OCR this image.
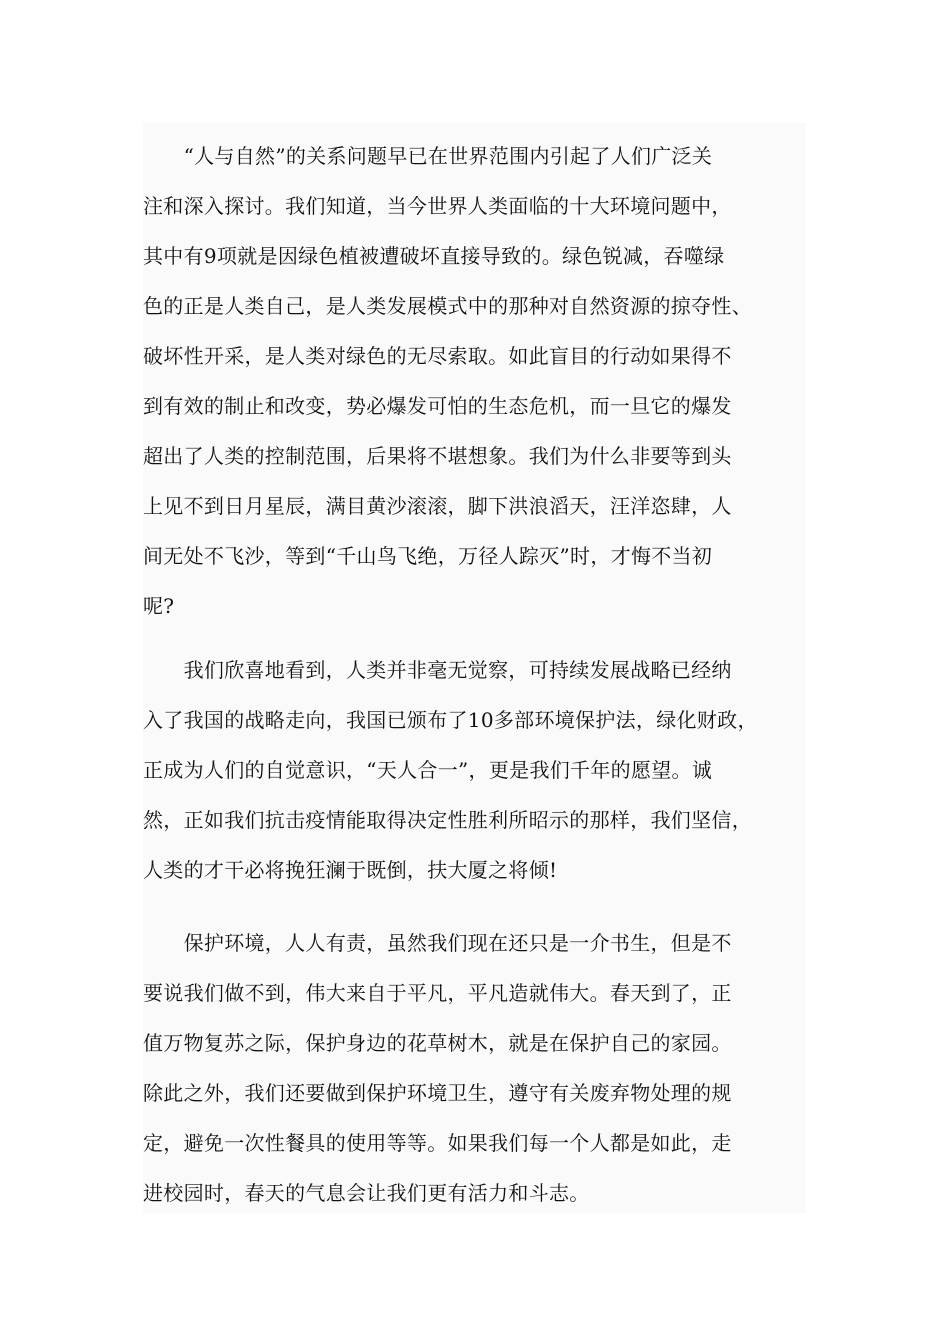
　　“人与自然”的关系问题早已在世界范围内引起了人们广泛关
注和深入探讨。我们知道，当今世界人类面临的十大环境问题中，
其中有9项就是因绿色植被遭破坏直接导致的。绿色锐减，吞噬绿
色的正是人类自己，是人类发展模式中的那种对自然资源的掠夺性、
破坏性开采，是人类对绿色的无尽索取。如此盲目的行动如果得不
到有效的制止和改变，势必爆发可怕的生态危机，而一旦它的爆发
超出了人类的控制范围，后果将不堪想象。我们为什么非要等到头
上见不到日月星辰，满目黄沙滚滚，脚下洪浪滔天，汪洋恣肆，人
间无处不飞沙，等到“千山鸟飞绝，万径人踪灭”时，才悔不当初
呢?

　　我们欣喜地看到，人类并非毫无觉察，可持续发展战略已经纳
入了我国的战略走向，我国已颁布了10多部环境保护法，绿化财政，
正成为人们的自觉意识，“天人合一”，更是我们千年的愿望。诚
然，正如我们抗击疫情能取得决定性胜利所昭示的那样，我们坚信，
人类的才干必将挽狂澜于既倒，扶大厦之将倾!

　　保护环境，人人有责，虽然我们现在还只是一介书生，但是不
要说我们做不到，伟大来自于平凡，平凡造就伟大。春天到了，正
值万物复苏之际，保护身边的花草树木，就是在保护自己的家园。
除此之外，我们还要做到保护环境卫生，遵守有关废弃物处理的规
定，避免一次性餐具的使用等等。如果我们每一个人都是如此，走
进校园时，春天的气息会让我们更有活力和斗志。
